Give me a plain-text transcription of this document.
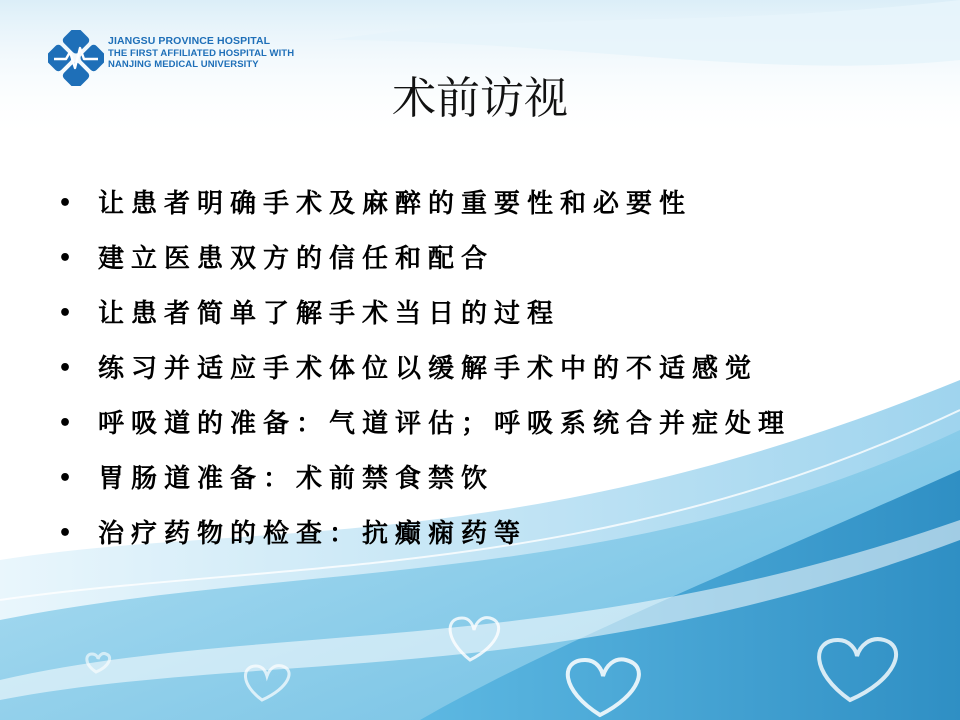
JIANGSU PROVINCE HOSPITAL
THE FIRST AFFILIATED HOSPITAL WITH
NANJING MEDICAL UNIVERSITY
术前访视
• 让患者明确手术及麻醉的重要性和必要性
• 建立医患双方的信任和配合
• 让患者简单了解手术当日的过程
• 练习并适应手术体位以缓解手术中的不适感觉
• 呼吸道的准备：气道评估；呼吸系统合并症处理
• 胃肠道准备：术前禁食禁饮
• 治疗药物的检查：抗癫痫药等
